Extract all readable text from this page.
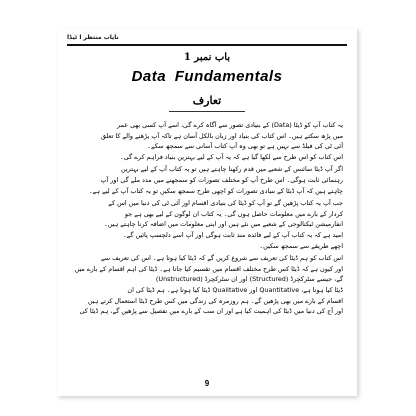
نایاب منتظر ا ٹیڈا
باب نمبر 1
Data Fundamentals
تعارف

یہ کتاب آپ کو ڈیٹا (Data) کے بنیادی تصور سے آگاہ کرے گی، اسے آپ کسی بھی عمر
میں پڑھ سکتے ہیں۔ اس کتاب کی بنیاد اور زبان بالکل آسان ہے تاکہ آپ پڑھنے والے کا تعلق
آئی ٹی کی فیلڈ سے نہیں ہے تو بھی وہ آپ کتاب آسانی سے سمجھ سکے۔
اس کتاب کو اس طرح سے لکھا گیا ہے کہ یہ آپ کے لیے بہترین بنیاد فراہم کرے گی۔

اگر آپ ڈیٹا سائنس کے شعبے میں قدم رکھنا چاہتے ہیں تو یہ کتاب آپ کے لیے بہترین
رہنمائی ثابت ہوگی۔ اس طرح آپ کو مختلف تصورات کو سمجھنے میں مدد ملے گی اور آپ
چاہتے ہیں کہ آپ ڈیٹا کے بنیادی تصورات کو اچھی طرح سمجھ سکیں تو یہ کتاب آپ کے لیے ہے۔

جب آپ یہ کتاب پڑھیں گے تو آپ کو ڈیٹا کی بنیادی اقسام اور آئی ٹی کی دنیا میں اس کے
کردار کے بارے میں معلومات حاصل ہوں گی۔ یہ کتاب ان لوگوں کے لیے بھی ہے جو
انفارمیشن ٹیکنالوجی کے شعبے میں نئے ہیں اور اپنی معلومات میں اضافہ کرنا چاہتے ہیں۔
امید ہے کہ یہ کتاب آپ کے لیے فائدہ مند ثابت ہوگی اور آپ اسے دلچسپ پائیں گے۔
اچھے طریقے سے سمجھ سکیں۔

اس کتاب کو ہم ڈیٹا کی تعریف سے شروع کریں گے کہ ڈیٹا کیا ہوتا ہے۔ اس کی تعریف سے
اور کیوں ہے کہ ڈیٹا کس طرح مختلف اقسام میں تقسیم کیا جاتا ہے۔ ڈیٹا کی اہم اقسام کے بارے میں
گے، جیسے سٹرکچرڈ (Structured) اور ان سٹرکچرڈ (Unstructured)
ڈیٹا کیا ہوتا ہے، Quantitative اور Qualitative ڈیٹا کیا ہوتا ہے۔ ہم ڈیٹا کی ان
اقسام کے بارے میں بھی پڑھیں گے۔ ہم روزمرہ کی زندگی میں کس طرح ڈیٹا استعمال کرتے ہیں
اور آج کی دنیا میں ڈیٹا کی اہمیت کیا ہے اور ان سب کے بارے میں تفصیل سے پڑھیں گے، ہم ڈیٹا کی

9
